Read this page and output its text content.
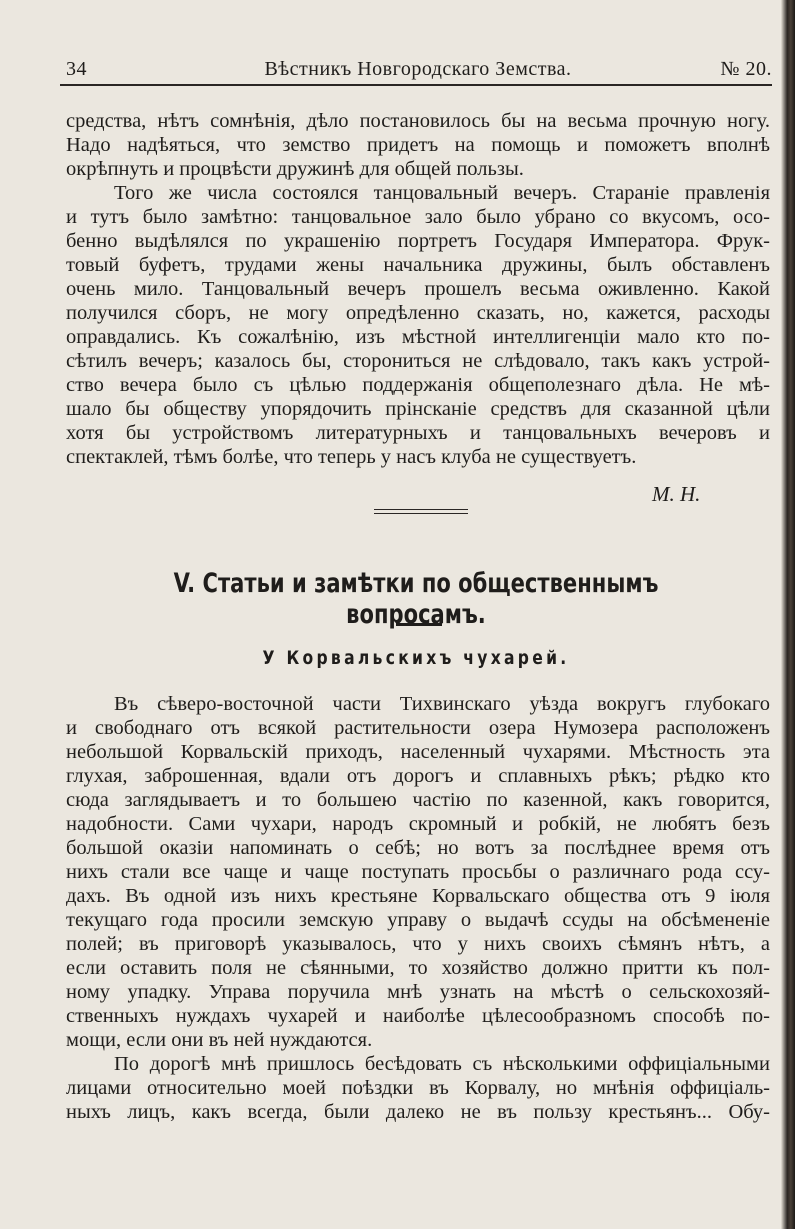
34	Вѣстникъ Новгородскаго Земства.	№ 20.
средства, нѣтъ сомнѣнія, дѣло постановилось бы на весьма прочную ногу.
Надо надѣяться, что земство придетъ на помощь и поможетъ вполнѣ
окрѣпнуть и процвѣсти дружинѣ для общей пользы.
Того же числа состоялся танцовальный вечеръ. Стараніе правленія
и тутъ было замѣтно: танцовальное зало было убрано со вкусомъ, осо-
бенно выдѣлялся по украшенію портретъ Государя Императора. Фрук-
товый буфетъ, трудами жены начальника дружины, былъ обставленъ
очень мило. Танцовальный вечеръ прошелъ весьма оживленно. Какой
получился сборъ, не могу опредѣленно сказать, но, кажется, расходы
оправдались. Къ сожалѣнію, изъ мѣстной интеллигенціи мало кто по-
сѣтилъ вечеръ; казалось бы, сторониться не слѣдовало, такъ какъ устрой-
ство вечера было съ цѣлью поддержанія общеполезнаго дѣла. Не мѣ-
шало бы обществу упорядочить прінсканіе средствъ для сказанной цѣли
хотя бы устройствомъ литературныхъ и танцовальныхъ вечеровъ и
спектаклей, тѣмъ болѣе, что теперь у насъ клуба не существуетъ.
М. Н.
V. Статьи и замѣтки по общественнымъ вопросамъ.
У Корвальскихъ чухарей.
Въ сѣверо-восточной части Тихвинскаго уѣзда вокругъ глубокаго
и свободнаго отъ всякой растительности озера Нумозера расположенъ
небольшой Корвальскій приходъ, населенный чухарями. Мѣстность эта
глухая, заброшенная, вдали отъ дорогъ и сплавныхъ рѣкъ; рѣдко кто
сюда заглядываетъ и то большею частію по казенной, какъ говорится,
надобности. Сами чухари, народъ скромный и робкій, не любятъ безъ
большой оказіи напоминать о себѣ; но вотъ за послѣднее время отъ
нихъ стали все чаще и чаще поступать просьбы о различнаго рода ссу-
дахъ. Въ одной изъ нихъ крестьяне Корвальскаго общества отъ 9 іюля
текущаго года просили земскую управу о выдачѣ ссуды на обсѣмененіе
полей; въ приговорѣ указывалось, что у нихъ своихъ сѣмянъ нѣтъ, а
если оставить поля не сѣянными, то хозяйство должно притти къ пол-
ному упадку. Управа поручила мнѣ узнать на мѣстѣ о сельскохозяй-
ственныхъ нуждахъ чухарей и наиболѣе цѣлесообразномъ способѣ по-
мощи, если они въ ней нуждаются.
По дорогѣ мнѣ пришлось бесѣдовать съ нѣсколькими оффиціальными
лицами относительно моей поѣздки въ Корвалу, но мнѣнія оффиціаль-
ныхъ лицъ, какъ всегда, были далеко не въ пользу крестьянъ... Обу-
